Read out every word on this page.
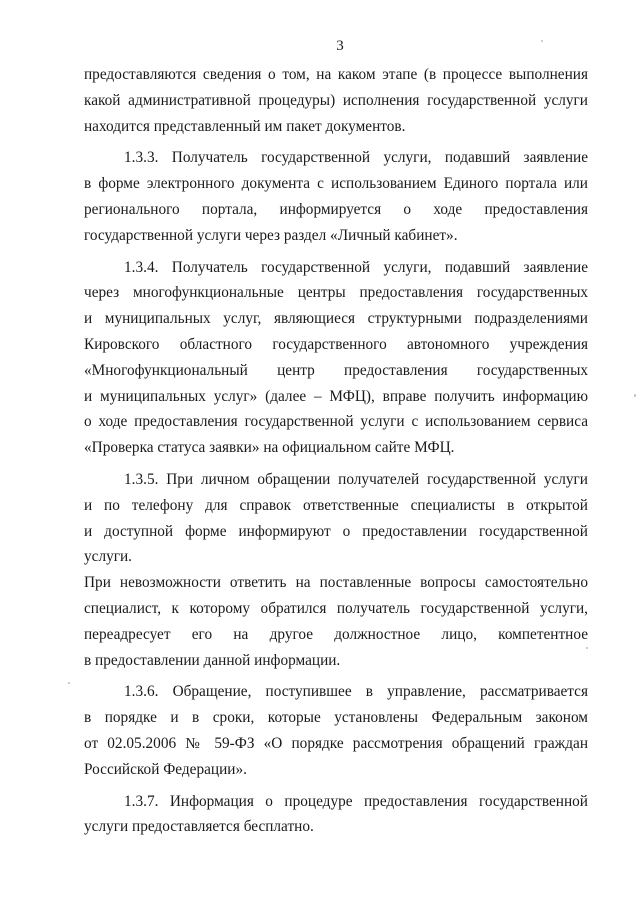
3
предоставляются сведения о том, на каком этапе (в процессе выполнения
какой административной процедуры) исполнения государственной услуги
находится представленный им пакет документов.
1.3.3. Получатель государственной услуги, подавший заявление
в форме электронного документа с использованием Единого портала или
регионального портала, информируется о ходе предоставления
государственной услуги через раздел «Личный кабинет».
1.3.4. Получатель государственной услуги, подавший заявление
через многофункциональные центры предоставления государственных
и муниципальных услуг, являющиеся структурными подразделениями
Кировского областного государственного автономного учреждения
«Многофункциональный центр предоставления государственных
и муниципальных услуг» (далее – МФЦ), вправе получить информацию
о ходе предоставления государственной услуги с использованием сервиса
«Проверка статуса заявки» на официальном сайте МФЦ.
1.3.5. При личном обращении получателей государственной услуги
и по телефону для справок ответственные специалисты в открытой
и доступной форме информируют о предоставлении государственной услуги.
При невозможности ответить на поставленные вопросы самостоятельно
специалист, к которому обратился получатель государственной услуги,
переадресует его на другое должностное лицо, компетентное
в предоставлении данной информации.
1.3.6. Обращение, поступившее в управление, рассматривается
в порядке и в сроки, которые установлены Федеральным законом
от 02.05.2006 № 59-ФЗ «О порядке рассмотрения обращений граждан
Российской Федерации».
1.3.7. Информация о процедуре предоставления государственной
услуги предоставляется бесплатно.
